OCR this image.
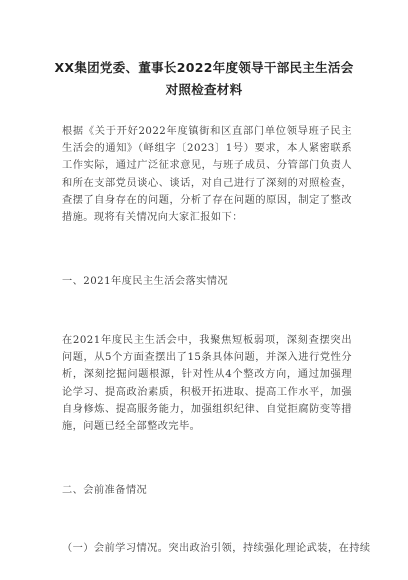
XX集团党委、董事长2022年度领导干部民主生活会
对照检查材料
根据《关于开好2022年度镇街和区直部门单位领导班子民主生活会的通知》（峄组字〔2023〕1号）要求，本人紧密联系工作实际，通过广泛征求意见，与班子成员、分管部门负责人和所在支部党员谈心、谈话，对自己进行了深刻的对照检查，查摆了自身存在的问题，分析了存在问题的原因，制定了整改措施。现将有关情况向大家汇报如下：
一、2021年度民主生活会落实情况
在2021年度民主生活会中，我聚焦短板弱项，深刻查摆突出问题，从5个方面查摆出了15条具体问题，并深入进行党性分析，深刻挖掘问题根源，针对性从4个整改方向，通过加强理论学习、提高政治素质，积极开拓进取、提高工作水平，加强自身修炼、提高服务能力，加强组织纪律、自觉拒腐防变等措施，问题已经全部整改完毕。
二、会前准备情况
（一）会前学习情况。突出政治引领，持续强化理论武装，在持续
